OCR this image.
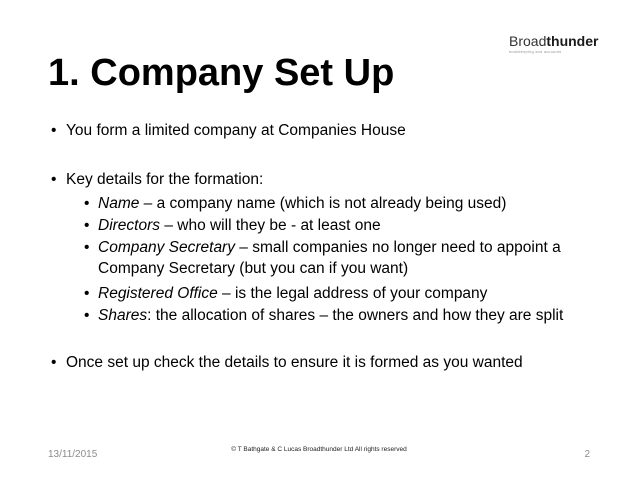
Broadthunder
bookkeeping and accounts
1. Company Set Up
• You form a limited company at Companies House
• Key details for the formation:
• Name – a company name (which is not already being used)
• Directors – who will they be - at least one
• Company Secretary – small companies no longer need to appoint a
Company Secretary (but you can if you want)
• Registered Office – is the legal address of your company
• Shares: the allocation of shares – the owners and how they are split
• Once set up check the details to ensure it is formed as you wanted
© T Bathgate & C Lucas Broadthunder Ltd All rights reserved
13/11/2015	2
